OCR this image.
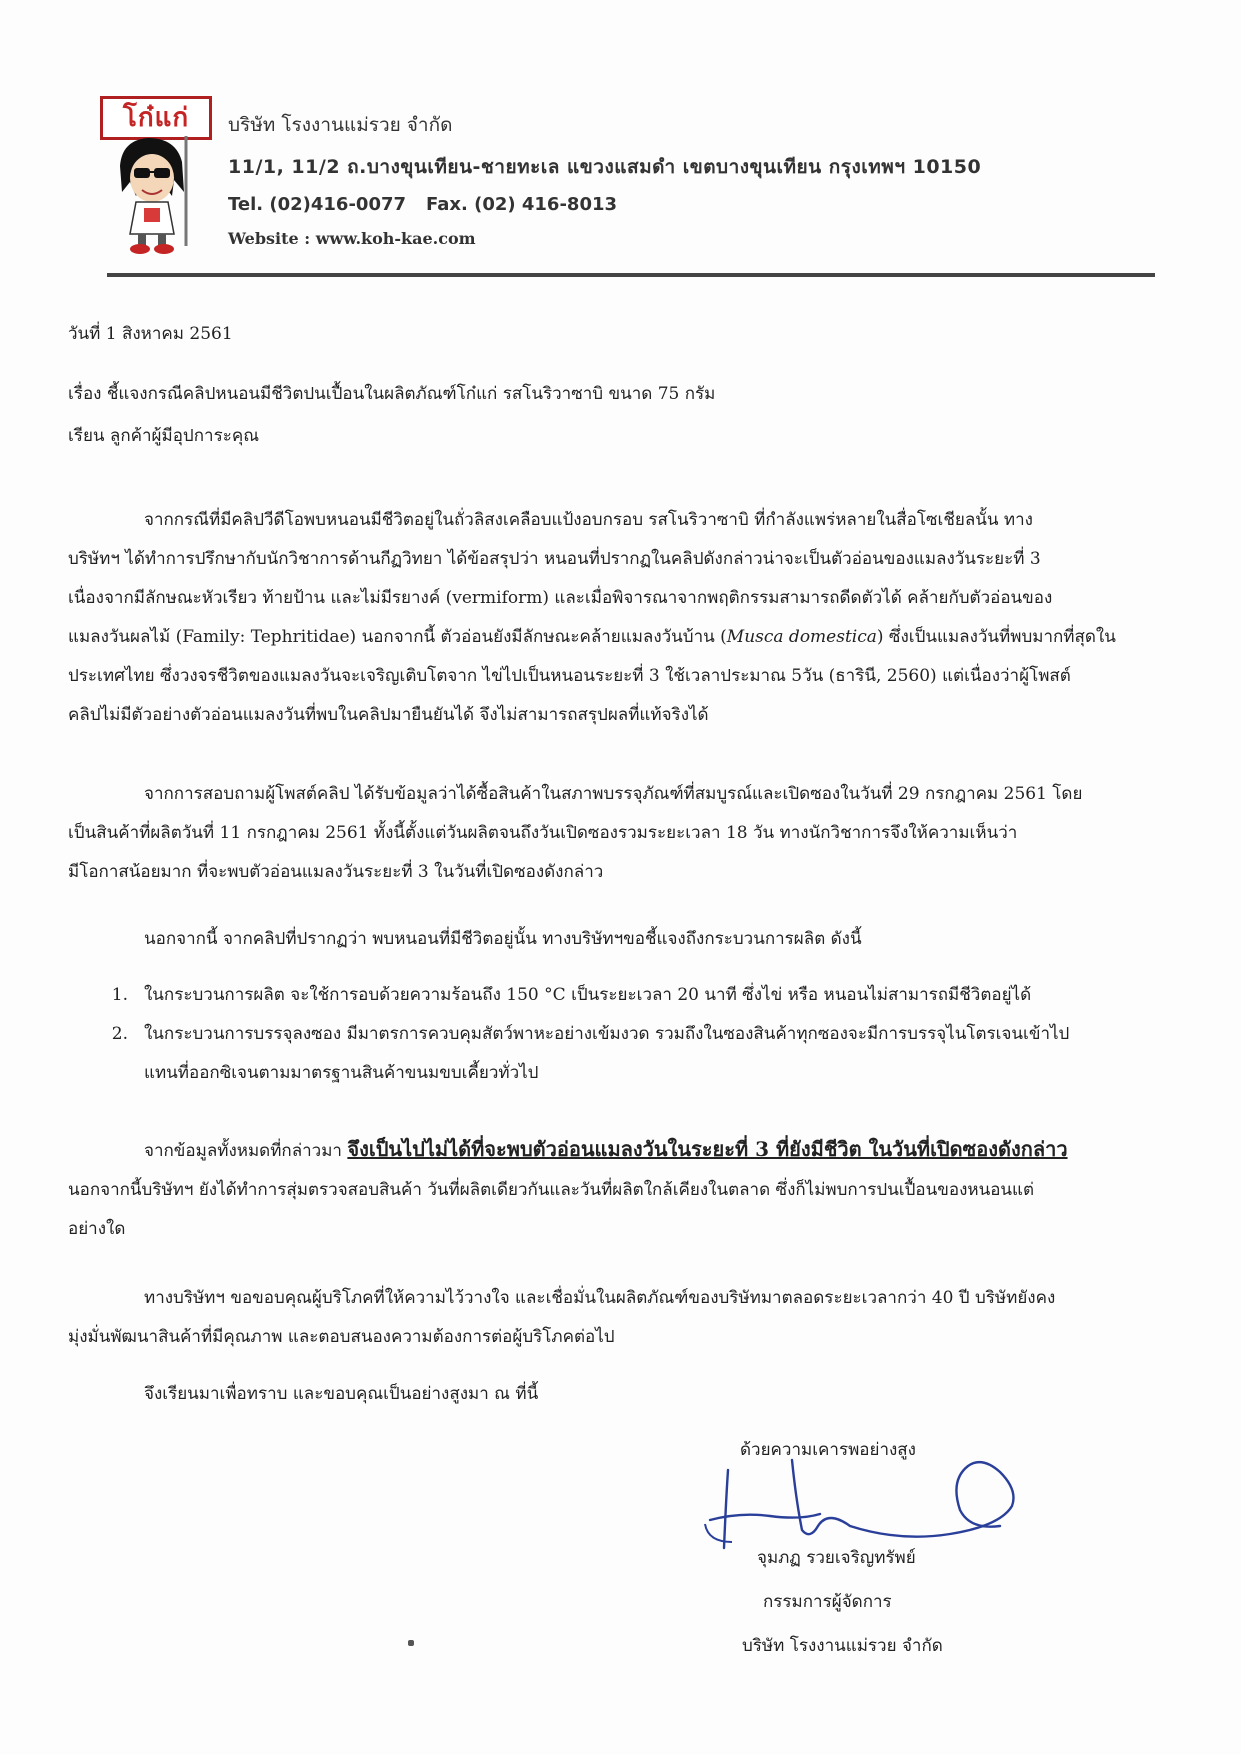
โก๋แก่	บริษัท โรงงานแม่รวย จำกัด
11/1, 11/2 ถ.บางขุนเทียน-ชายทะเล แขวงแสมดำ เขตบางขุนเทียน กรุงเทพฯ 10150
Tel. (02)416-0077 Fax. (02) 416-8013
Website : www.koh-kae.com
วันที่ 1 สิงหาคม 2561
เรื่อง ชี้แจงกรณีคลิปหนอนมีชีวิตปนเปื้อนในผลิตภัณฑ์โก๋แก่ รสโนริวาซาบิ ขนาด 75 กรัม
เรียน ลูกค้าผู้มีอุปการะคุณ
จากกรณีที่มีคลิปวีดีโอพบหนอนมีชีวิตอยู่ในถั่วลิสงเคลือบแป้งอบกรอบ รสโนริวาซาบิ ที่กำลังแพร่หลายในสื่อโซเชียลนั้น ทาง
บริษัทฯ ได้ทำการปรึกษากับนักวิชาการด้านกีฏวิทยา ได้ข้อสรุปว่า หนอนที่ปรากฏในคลิปดังกล่าวน่าจะเป็นตัวอ่อนของแมลงวันระยะที่ 3
เนื่องจากมีลักษณะหัวเรียว ท้ายป้าน และไม่มีรยางค์ (vermiform) และเมื่อพิจารณาจากพฤติกรรมสามารถดีดตัวได้ คล้ายกับตัวอ่อนของ
แมลงวันผลไม้ (Family: Tephritidae) นอกจากนี้ ตัวอ่อนยังมีลักษณะคล้ายแมลงวันบ้าน (Musca domestica) ซึ่งเป็นแมลงวันที่พบมากที่สุดใน
ประเทศไทย ซึ่งวงจรชีวิตของแมลงวันจะเจริญเติบโตจาก ไข่ไปเป็นหนอนระยะที่ 3 ใช้เวลาประมาณ 5วัน (ธารินี, 2560) แต่เนื่องว่าผู้โพสต์
คลิปไม่มีตัวอย่างตัวอ่อนแมลงวันที่พบในคลิปมายืนยันได้ จึงไม่สามารถสรุปผลที่แท้จริงได้
จากการสอบถามผู้โพสต์คลิป ได้รับข้อมูลว่าได้ซื้อสินค้าในสภาพบรรจุภัณฑ์ที่สมบูรณ์และเปิดซองในวันที่ 29 กรกฎาคม 2561 โดย
เป็นสินค้าที่ผลิตวันที่ 11 กรกฎาคม 2561 ทั้งนี้ตั้งแต่วันผลิตจนถึงวันเปิดซองรวมระยะเวลา 18 วัน ทางนักวิชาการจึงให้ความเห็นว่า
มีโอกาสน้อยมาก ที่จะพบตัวอ่อนแมลงวันระยะที่ 3 ในวันที่เปิดซองดังกล่าว
นอกจากนี้ จากคลิปที่ปรากฏว่า พบหนอนที่มีชีวิตอยู่นั้น ทางบริษัทฯขอชี้แจงถึงกระบวนการผลิต ดังนี้
1. ในกระบวนการผลิต จะใช้การอบด้วยความร้อนถึง 150 °C เป็นระยะเวลา 20 นาที ซึ่งไข่ หรือ หนอนไม่สามารถมีชีวิตอยู่ได้
2. ในกระบวนการบรรจุลงซอง มีมาตรการควบคุมสัตว์พาหะอย่างเข้มงวด รวมถึงในซองสินค้าทุกซองจะมีการบรรจุไนโตรเจนเข้าไป
แทนที่ออกซิเจนตามมาตรฐานสินค้าขนมขบเคี้ยวทั่วไป
จากข้อมูลทั้งหมดที่กล่าวมา จึงเป็นไปไม่ได้ที่จะพบตัวอ่อนแมลงวันในระยะที่ 3 ที่ยังมีชีวิต ในวันที่เปิดซองดังกล่าว
นอกจากนี้บริษัทฯ ยังได้ทำการสุ่มตรวจสอบสินค้า วันที่ผลิตเดียวกันและวันที่ผลิตใกล้เคียงในตลาด ซึ่งก็ไม่พบการปนเปื้อนของหนอนแต่
อย่างใด
ทางบริษัทฯ ขอขอบคุณผู้บริโภคที่ให้ความไว้วางใจ และเชื่อมั่นในผลิตภัณฑ์ของบริษัทมาตลอดระยะเวลากว่า 40 ปี บริษัทยังคง
มุ่งมั่นพัฒนาสินค้าที่มีคุณภาพ และตอบสนองความต้องการต่อผู้บริโภคต่อไป
จึงเรียนมาเพื่อทราบ และขอบคุณเป็นอย่างสูงมา ณ ที่นี้
ด้วยความเคารพอย่างสูง
จุมภฏ รวยเจริญทรัพย์
กรรมการผู้จัดการ
บริษัท โรงงานแม่รวย จำกัด
